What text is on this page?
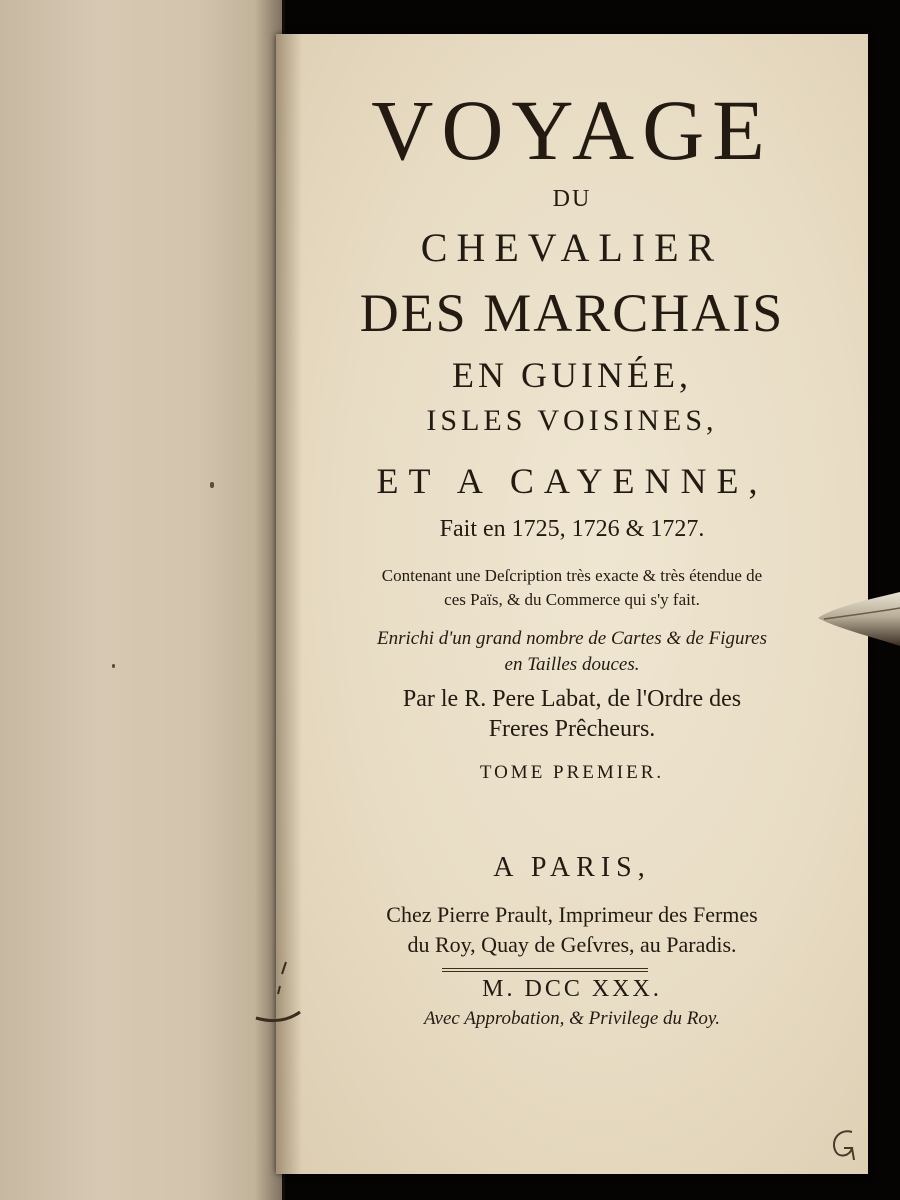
VOYAGE

DU

CHEVALIER

DES MARCHAIS

EN GUINÉE,

ISLES VOISINES,

ET A CAYENNE,

Fait en 1725, 1726 & 1727.

Contenant une Deſcription très exacte & très étendue de

ces Païs, & du Commerce qui s'y fait.

Enrichi d'un grand nombre de Cartes & de Figures

en Tailles douces.

Par le R. Pere Labat, de l'Ordre des

Freres Prêcheurs.

TOME PREMIER.

A PARIS,

Chez Pierre Prault, Imprimeur des Fermes

du Roy, Quay de Geſvres, au Paradis.

M. DCC XXX.

Avec Approbation, & Privilege du Roy.
